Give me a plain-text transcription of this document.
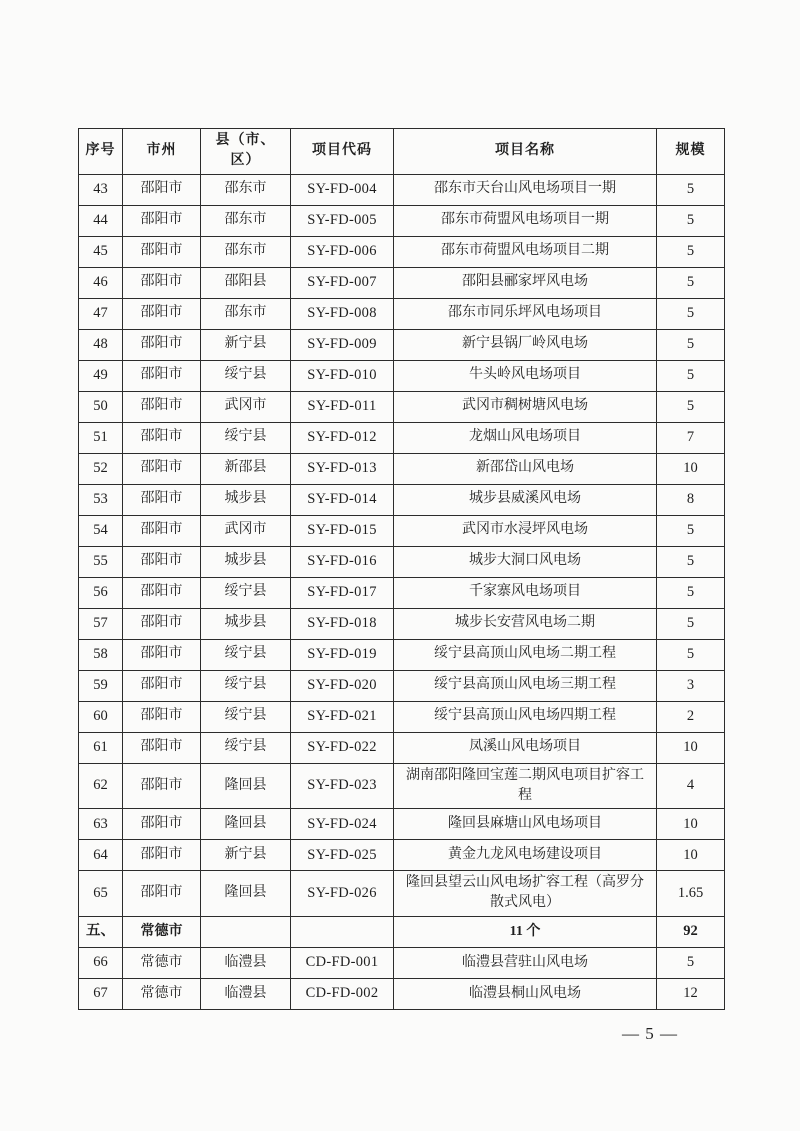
序号	市州	县（市、区）	项目代码	项目名称	规模
43	邵阳市	邵东市	SY-FD-004	邵东市天台山风电场项目一期	5
44	邵阳市	邵东市	SY-FD-005	邵东市荷盟风电场项目一期	5
45	邵阳市	邵东市	SY-FD-006	邵东市荷盟风电场项目二期	5
46	邵阳市	邵阳县	SY-FD-007	邵阳县郦家坪风电场	5
47	邵阳市	邵东市	SY-FD-008	邵东市同乐坪风电场项目	5
48	邵阳市	新宁县	SY-FD-009	新宁县锅厂岭风电场	5
49	邵阳市	绥宁县	SY-FD-010	牛头岭风电场项目	5
50	邵阳市	武冈市	SY-FD-011	武冈市稠树塘风电场	5
51	邵阳市	绥宁县	SY-FD-012	龙烟山风电场项目	7
52	邵阳市	新邵县	SY-FD-013	新邵岱山风电场	10
53	邵阳市	城步县	SY-FD-014	城步县威溪风电场	8
54	邵阳市	武冈市	SY-FD-015	武冈市水浸坪风电场	5
55	邵阳市	城步县	SY-FD-016	城步大洞口风电场	5
56	邵阳市	绥宁县	SY-FD-017	千家寨风电场项目	5
57	邵阳市	城步县	SY-FD-018	城步长安营风电场二期	5
58	邵阳市	绥宁县	SY-FD-019	绥宁县高顶山风电场二期工程	5
59	邵阳市	绥宁县	SY-FD-020	绥宁县高顶山风电场三期工程	3
60	邵阳市	绥宁县	SY-FD-021	绥宁县高顶山风电场四期工程	2
61	邵阳市	绥宁县	SY-FD-022	凤溪山风电场项目	10
62	邵阳市	隆回县	SY-FD-023	湖南邵阳隆回宝莲二期风电项目扩容工程	4
63	邵阳市	隆回县	SY-FD-024	隆回县麻塘山风电场项目	10
64	邵阳市	新宁县	SY-FD-025	黄金九龙风电场建设项目	10
65	邵阳市	隆回县	SY-FD-026	隆回县望云山风电场扩容工程（高罗分散式风电）	1.65
五、	常德市			11 个	92
66	常德市	临澧县	CD-FD-001	临澧县营驻山风电场	5
67	常德市	临澧县	CD-FD-002	临澧县桐山风电场	12
— 5 —
